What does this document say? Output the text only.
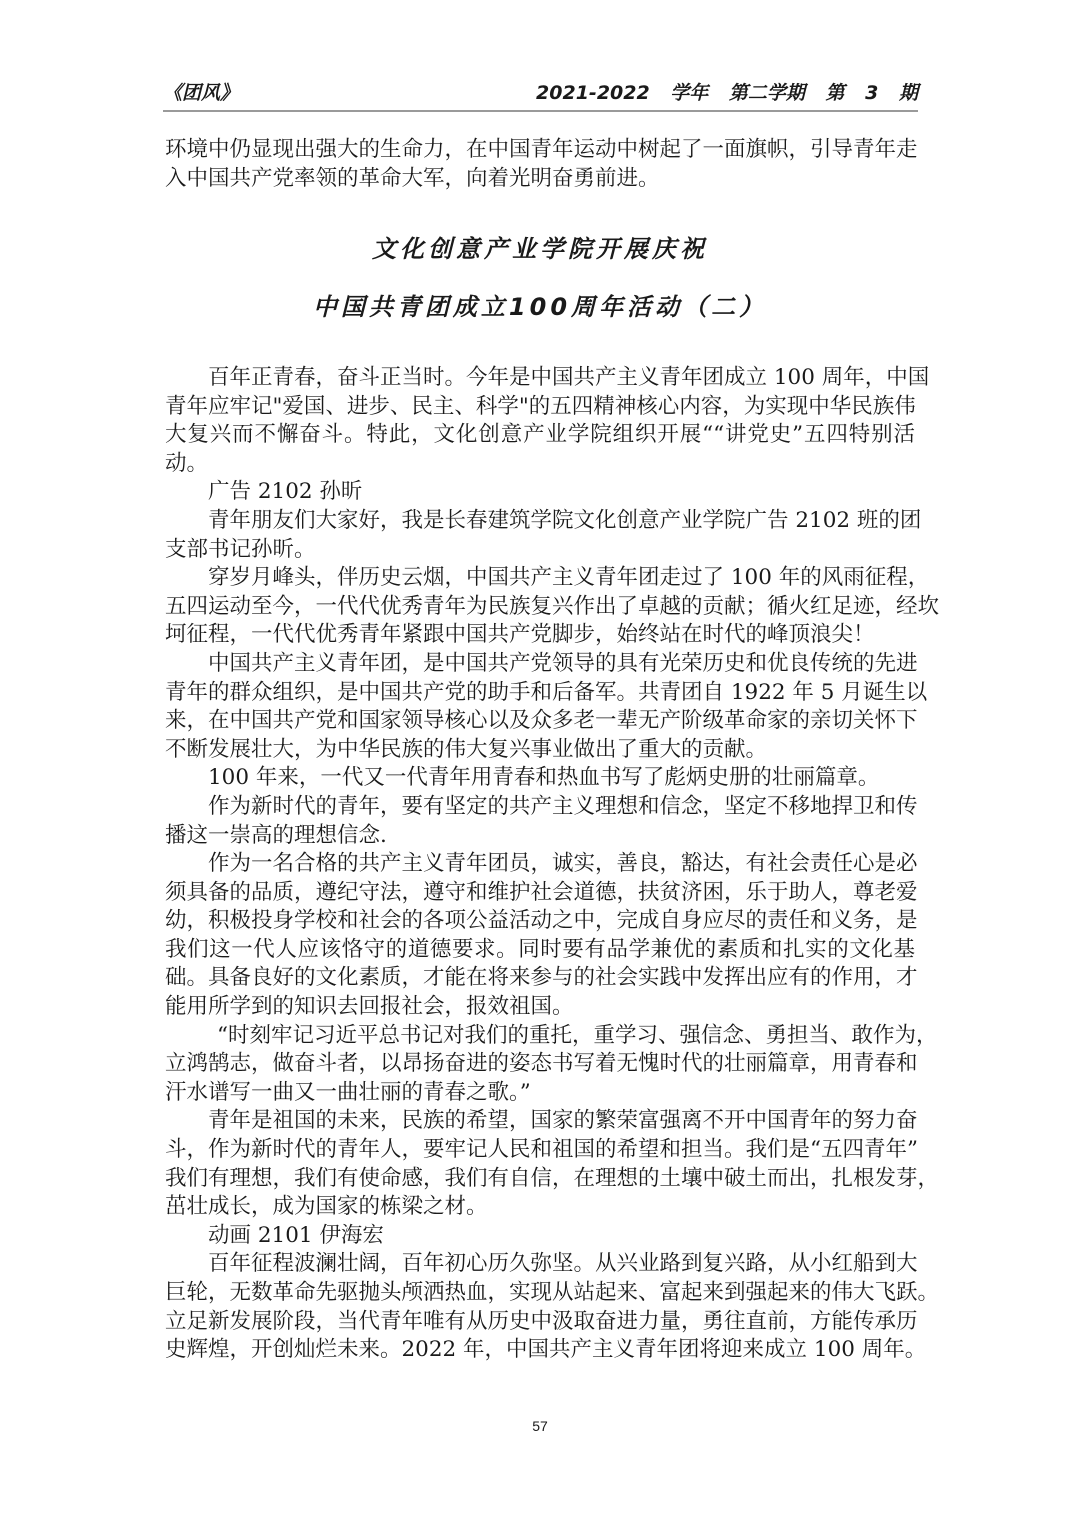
《团风》	2021-2022 学年 第二学期 第 3 期
环境中仍显现出强大的生命力，在中国青年运动中树起了一面旗帜，引导青年走
入中国共产党率领的革命大军，向着光明奋勇前进。
文化创意产业学院开展庆祝
中国共青团成立100周年活动（二）
百年正青春，奋斗正当时。今年是中国共产主义青年团成立 100 周年，中国
青年应牢记"爱国、进步、民主、科学"的五四精神核心内容，为实现中华民族伟
大复兴而不懈奋斗。特此，文化创意产业学院组织开展““讲党史”五四特别活
动。
广告 2102 孙昕
青年朋友们大家好，我是长春建筑学院文化创意产业学院广告 2102 班的团
支部书记孙昕。
穿岁月峰头，伴历史云烟，中国共产主义青年团走过了 100 年的风雨征程，
五四运动至今，一代代优秀青年为民族复兴作出了卓越的贡献；循火红足迹，经坎
坷征程，一代代优秀青年紧跟中国共产党脚步，始终站在时代的峰顶浪尖！
中国共产主义青年团，是中国共产党领导的具有光荣历史和优良传统的先进
青年的群众组织，是中国共产党的助手和后备军。共青团自 1922 年 5 月诞生以
来，在中国共产党和国家领导核心以及众多老一辈无产阶级革命家的亲切关怀下
不断发展壮大，为中华民族的伟大复兴事业做出了重大的贡献。
100 年来，一代又一代青年用青春和热血书写了彪炳史册的壮丽篇章。
作为新时代的青年，要有坚定的共产主义理想和信念，坚定不移地捍卫和传
播这一崇高的理想信念.
作为一名合格的共产主义青年团员，诚实，善良，豁达，有社会责任心是必
须具备的品质，遵纪守法，遵守和维护社会道德，扶贫济困，乐于助人，尊老爱
幼，积极投身学校和社会的各项公益活动之中，完成自身应尽的责任和义务，是
我们这一代人应该恪守的道德要求。同时要有品学兼优的素质和扎实的文化基
础。具备良好的文化素质，才能在将来参与的社会实践中发挥出应有的作用，才
能用所学到的知识去回报社会，报效祖国。
“时刻牢记习近平总书记对我们的重托，重学习、强信念、勇担当、敢作为，
立鸿鹄志，做奋斗者，以昂扬奋进的姿态书写着无愧时代的壮丽篇章，用青春和
汗水谱写一曲又一曲壮丽的青春之歌。”
青年是祖国的未来，民族的希望，国家的繁荣富强离不开中国青年的努力奋
斗，作为新时代的青年人，要牢记人民和祖国的希望和担当。我们是“五四青年”
我们有理想，我们有使命感，我们有自信，在理想的土壤中破土而出，扎根发芽，
茁壮成长，成为国家的栋梁之材。
动画 2101 伊海宏
百年征程波澜壮阔，百年初心历久弥坚。从兴业路到复兴路，从小红船到大
巨轮，无数革命先驱抛头颅洒热血，实现从站起来、富起来到强起来的伟大飞跃。
立足新发展阶段，当代青年唯有从历史中汲取奋进力量，勇往直前，方能传承历
史辉煌，开创灿烂未来。2022 年，中国共产主义青年团将迎来成立 100 周年。
57
